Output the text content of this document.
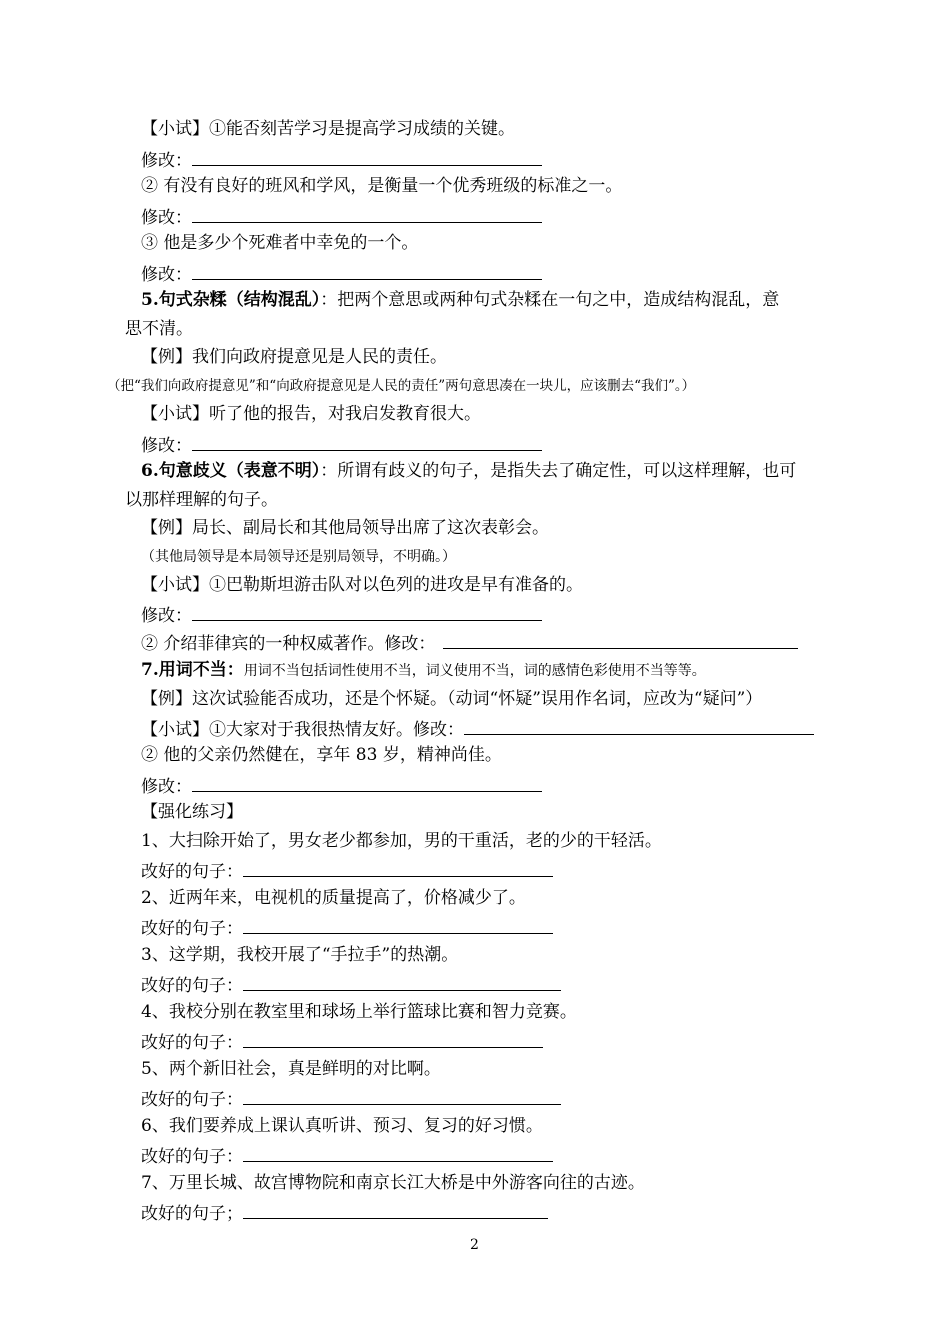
【小试】①能否刻苦学习是提高学习成绩的关键。
修改：
② 有没有良好的班风和学风，是衡量一个优秀班级的标准之一。
修改：
③ 他是多少个死难者中幸免的一个。
修改：
5.句式杂糅（结构混乱）：把两个意思或两种句式杂糅在一句之中，造成结构混乱，意
思不清。
【例】我们向政府提意见是人民的责任。
（把“我们向政府提意见”和“向政府提意见是人民的责任”两句意思凑在一块儿，应该删去“我们”。）
【小试】听了他的报告，对我启发教育很大。
修改：
6.句意歧义（表意不明）：所谓有歧义的句子，是指失去了确定性，可以这样理解，也可
以那样理解的句子。
【例】局长、副局长和其他局领导出席了这次表彰会。
（其他局领导是本局领导还是别局领导，不明确。）
【小试】①巴勒斯坦游击队对以色列的进攻是早有准备的。
修改：
② 介绍菲律宾的一种权威著作。修改：
7.用词不当：用词不当包括词性使用不当，词义使用不当，词的感情色彩使用不当等等。
【例】这次试验能否成功，还是个怀疑。（动词“怀疑”误用作名词，应改为“疑问”）
【小试】①大家对于我很热情友好。修改：
② 他的父亲仍然健在，享年 83 岁，精神尚佳。
修改：
【强化练习】
1、大扫除开始了，男女老少都参加，男的干重活，老的少的干轻活。
改好的句子：
2、近两年来，电视机的质量提高了，价格减少了。
改好的句子：
3、这学期，我校开展了“手拉手”的热潮。
改好的句子：
4、我校分别在教室里和球场上举行篮球比赛和智力竞赛。
改好的句子：
5、两个新旧社会，真是鲜明的对比啊。
改好的句子：
6、我们要养成上课认真听讲、预习、复习的好习惯。
改好的句子：
7、万里长城、故宫博物院和南京长江大桥是中外游客向往的古迹。
改好的句子；
2
